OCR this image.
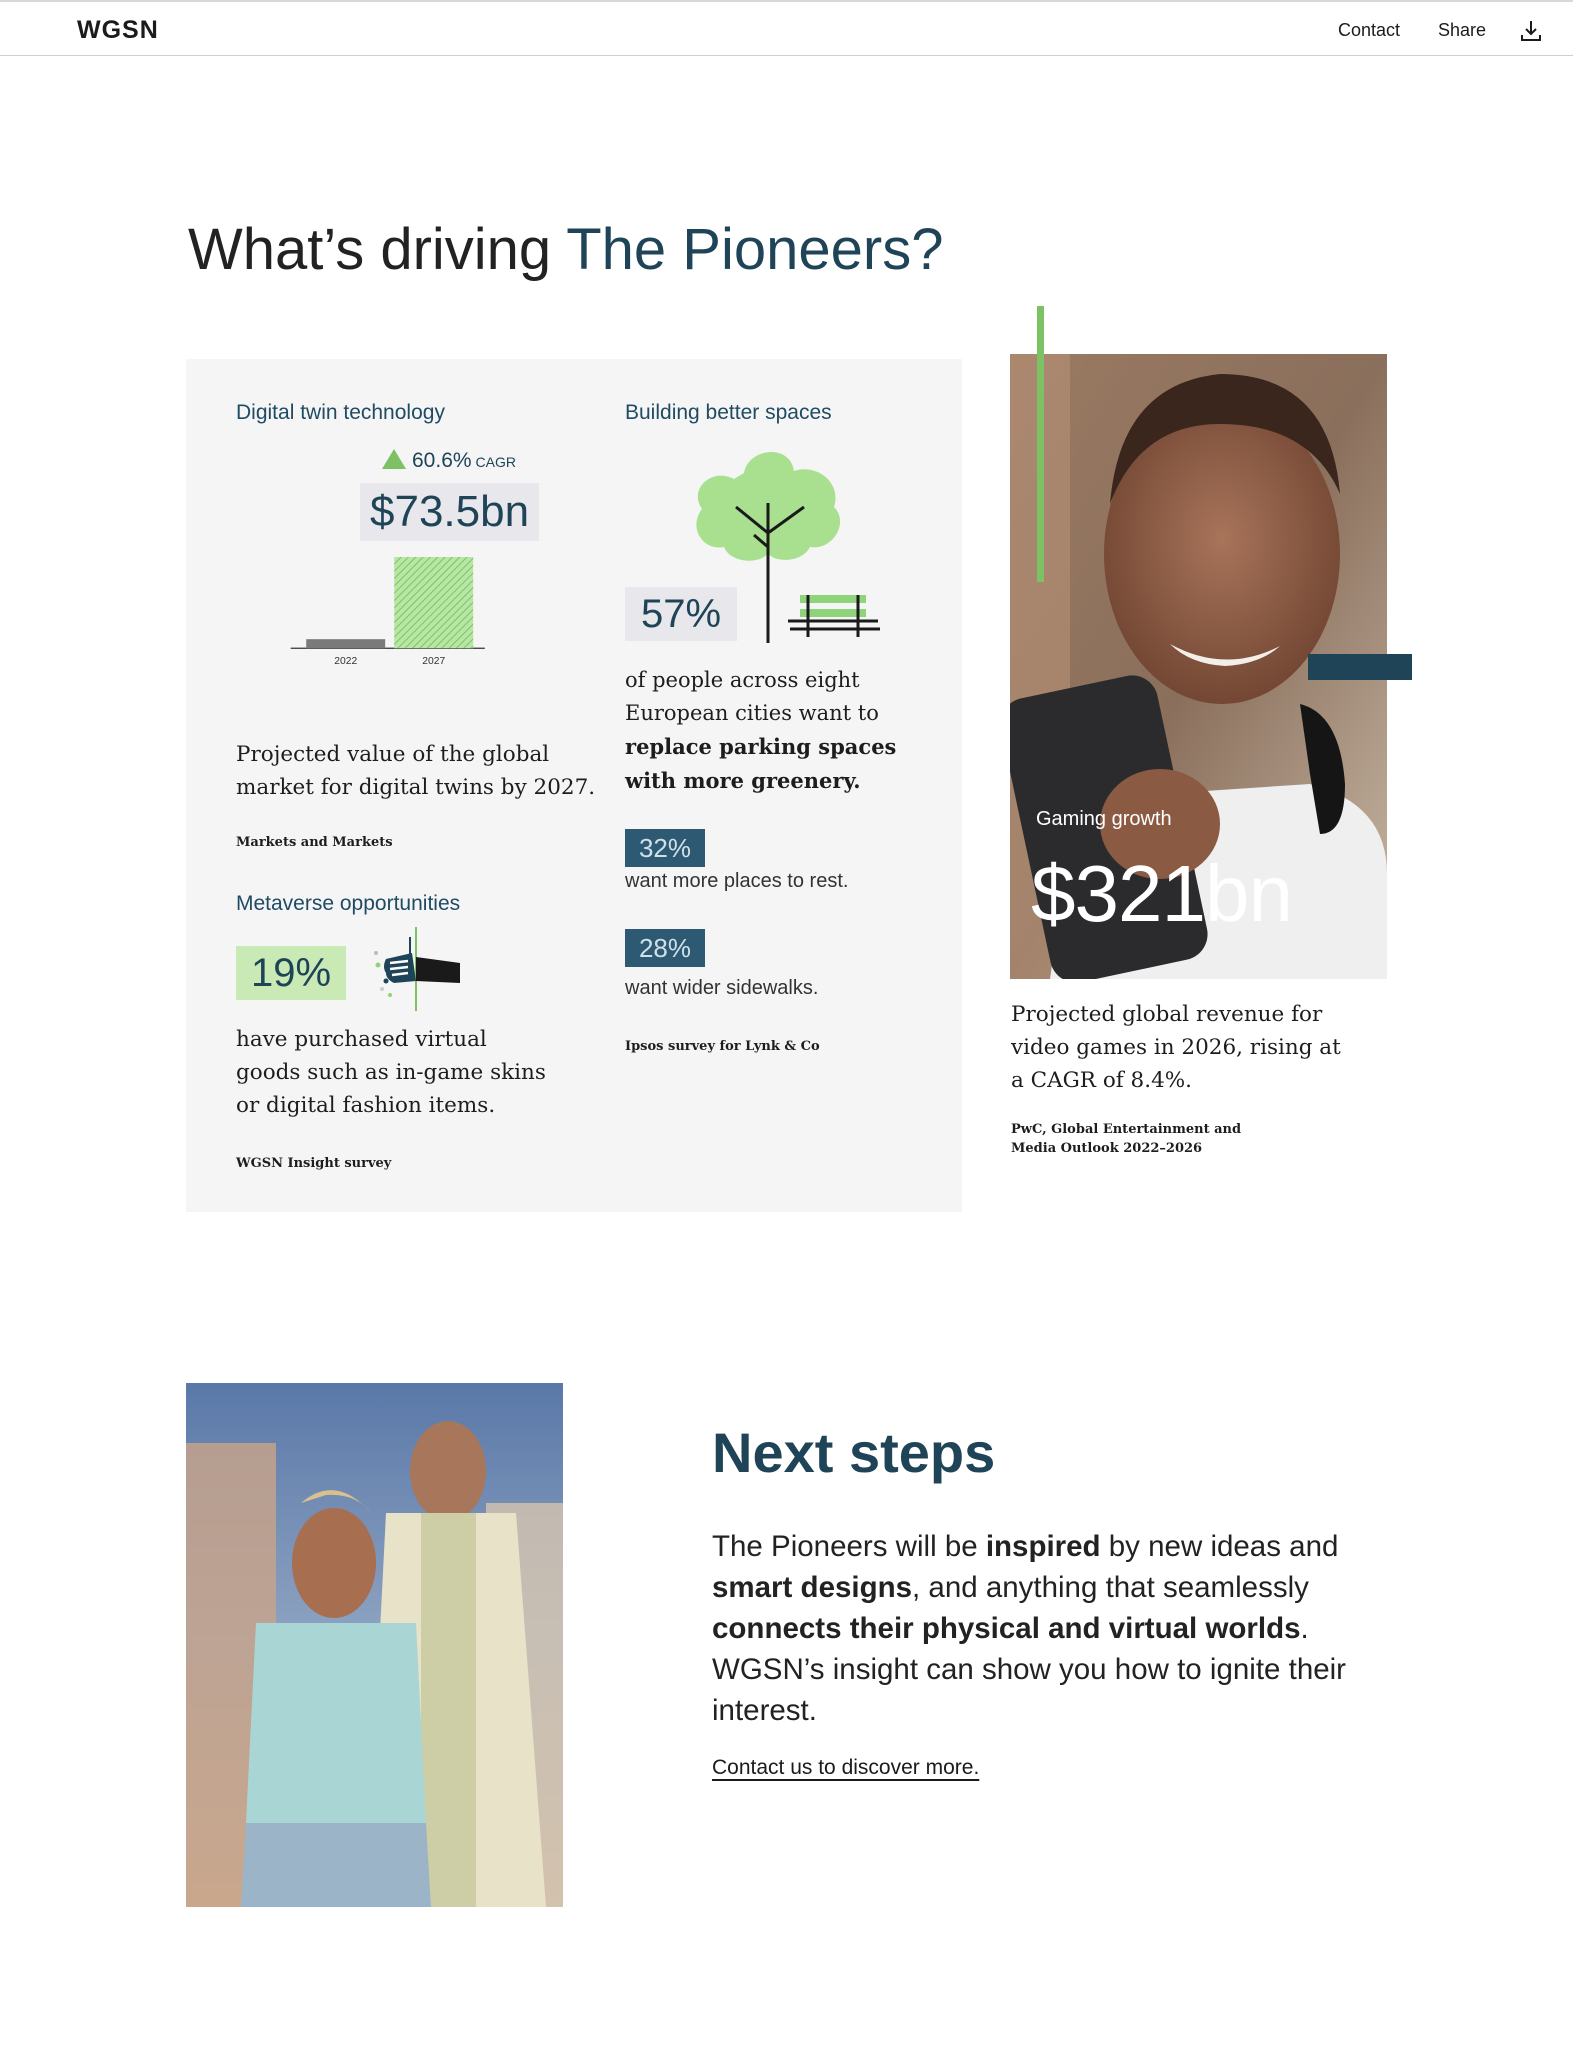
WGSN	Contact Share
What’s driving The Pioneers?
Digital twin technology
60.6% CAGR
$73.5bn
2022	2027
Projected value of the global market for digital twins by 2027.
Markets and Markets
Building better spaces
57%
of people across eight European cities want to replace parking spaces with more greenery.
32%
want more places to rest.
28%
want wider sidewalks.
Ipsos survey for Lynk & Co
Metaverse opportunities
19%
have purchased virtual goods such as in-game skins or digital fashion items.
WGSN Insight survey
Gaming growth
$321bn
Projected global revenue for video games in 2026, rising at a CAGR of 8.4%.
PwC, Global Entertainment and Media Outlook 2022–2026
Next steps

The Pioneers will be inspired by new ideas and smart designs, and anything that seamlessly connects their physical and virtual worlds. WGSN’s insight can show you how to ignite their interest.

Contact us to discover more.
